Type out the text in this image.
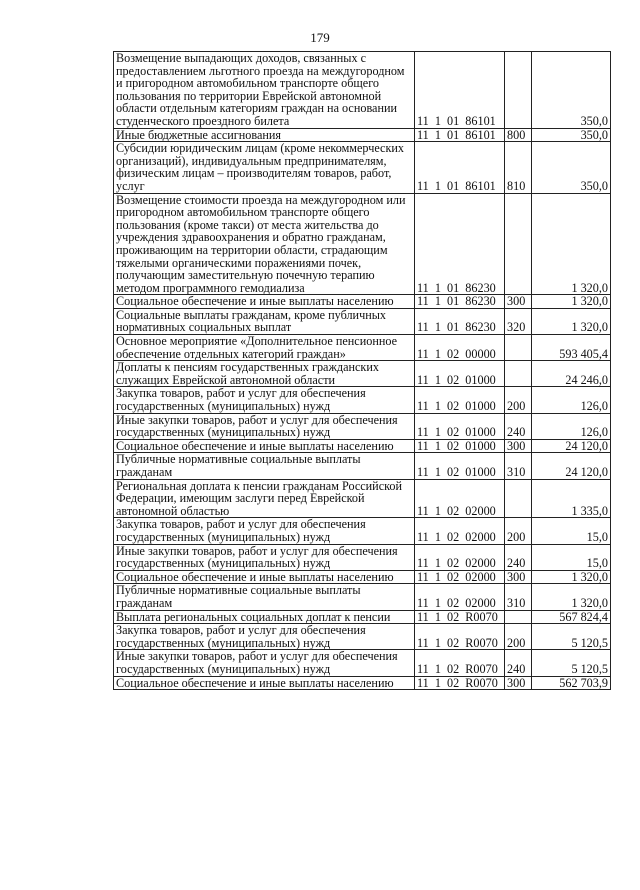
179
Возмещение выпадающих доходов, связанных с предоставлением льготного проезда на междугородном и пригородном автомобильном транспорте общего пользования по территории Еврейской автономной области отдельным категориям граждан на основании студенческого проездного билета	11  1  01  86101		350,0
Иные бюджетные ассигнования	11  1  01  86101	800	350,0
Субсидии юридическим лицам (кроме некоммерческих организаций), индивидуальным предпринимателям, физическим лицам – производителям товаров, работ, услуг	11  1  01  86101	810	350,0
Возмещение стоимости проезда на междугородном или пригородном автомобильном транспорте общего пользования (кроме такси) от места жительства до учреждения здравоохранения и обратно гражданам, проживающим на территории области, страдающим тяжелыми органическими поражениями почек, получающим заместительную почечную терапию методом программного гемодиализа	11  1  01  86230		1 320,0
Социальное обеспечение и иные выплаты населению	11  1  01  86230	300	1 320,0
Социальные выплаты гражданам, кроме публичных нормативных социальных выплат	11  1  01  86230	320	1 320,0
Основное мероприятие «Дополнительное пенсионное обеспечение отдельных категорий граждан»	11  1  02  00000		593 405,4
Доплаты к пенсиям государственных гражданских служащих Еврейской автономной области	11  1  02  01000		24 246,0
Закупка товаров, работ и услуг для обеспечения государственных (муниципальных) нужд	11  1  02  01000	200	126,0
Иные закупки товаров, работ и услуг для обеспечения государственных (муниципальных) нужд	11  1  02  01000	240	126,0
Социальное обеспечение и иные выплаты населению	11  1  02  01000	300	24 120,0
Публичные нормативные социальные выплаты гражданам	11  1  02  01000	310	24 120,0
Региональная доплата к пенсии гражданам Российской Федерации, имеющим заслуги перед Еврейской автономной областью	11  1  02  02000		1 335,0
Закупка товаров, работ и услуг для обеспечения государственных (муниципальных) нужд	11  1  02  02000	200	15,0
Иные закупки товаров, работ и услуг для обеспечения государственных (муниципальных) нужд	11  1  02  02000	240	15,0
Социальное обеспечение и иные выплаты населению	11  1  02  02000	300	1 320,0
Публичные нормативные социальные выплаты гражданам	11  1  02  02000	310	1 320,0
Выплата региональных социальных доплат к пенсии	11  1  02  R0070		567 824,4
Закупка товаров, работ и услуг для обеспечения государственных (муниципальных) нужд	11  1  02  R0070	200	5 120,5
Иные закупки товаров, работ и услуг для обеспечения государственных (муниципальных) нужд	11  1  02  R0070	240	5 120,5
Социальное обеспечение и иные выплаты населению	11  1  02  R0070	300	562 703,9
